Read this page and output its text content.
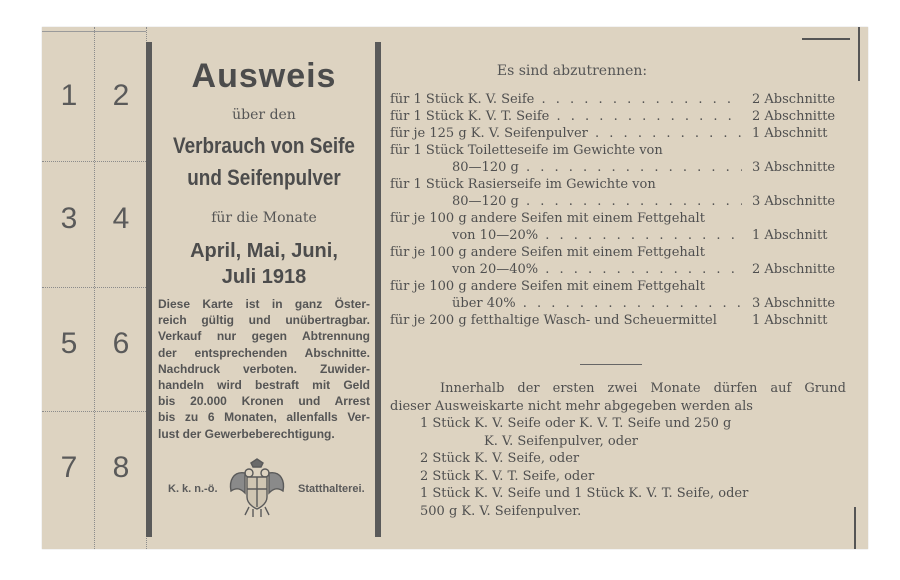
1	2
3	4
5	6
7	8
Ausweis
über den
Verbrauch von Seife
und Seifenpulver
für die Monate
April, Mai, Juni,
Juli 1918
Diese Karte ist in ganz Öster-
reich gültig und unübertragbar.
Verkauf nur gegen Abtrennung
der entsprechenden Abschnitte.
Nachdruck verboten. Zuwider-
handeln wird bestraft mit Geld
bis 20.000 Kronen und Arrest
bis zu 6 Monaten, allenfalls Ver-
lust der Gewerbeberechtigung.
K. k. n.-ö.	Statthalterei.
Es sind abzutrennen:
für 1 Stück K. V. Seife . . .	2 Abschnitte
für 1 Stück K. V. T. Seife . . .	2 Abschnitte
für je 125 g K. V. Seifenpulver . . .	1 Abschnitt
für 1 Stück Toiletteseife im Gewichte von
80—120 g . . .	3 Abschnitte
für 1 Stück Rasierseife im Gewichte von
80—120 g . . .	3 Abschnitte
für je 100 g andere Seifen mit einem Fettgehalt
von 10—20% . . .	1 Abschnitt
für je 100 g andere Seifen mit einem Fettgehalt
von 20—40% . . .	2 Abschnitte
für je 100 g andere Seifen mit einem Fettgehalt
über 40% . . .	3 Abschnitte
für je 200 g fetthaltige Wasch- und Scheuermittel	1 Abschnitt
Innerhalb der ersten zwei Monate dürfen auf Grund
dieser Ausweiskarte nicht mehr abgegeben werden als
1 Stück K. V. Seife oder K. V. T. Seife und 250 g
K. V. Seifenpulver, oder
2 Stück K. V. Seife, oder
2 Stück K. V. T. Seife, oder
1 Stück K. V. Seife und 1 Stück K. V. T. Seife, oder
500 g K. V. Seifenpulver.
